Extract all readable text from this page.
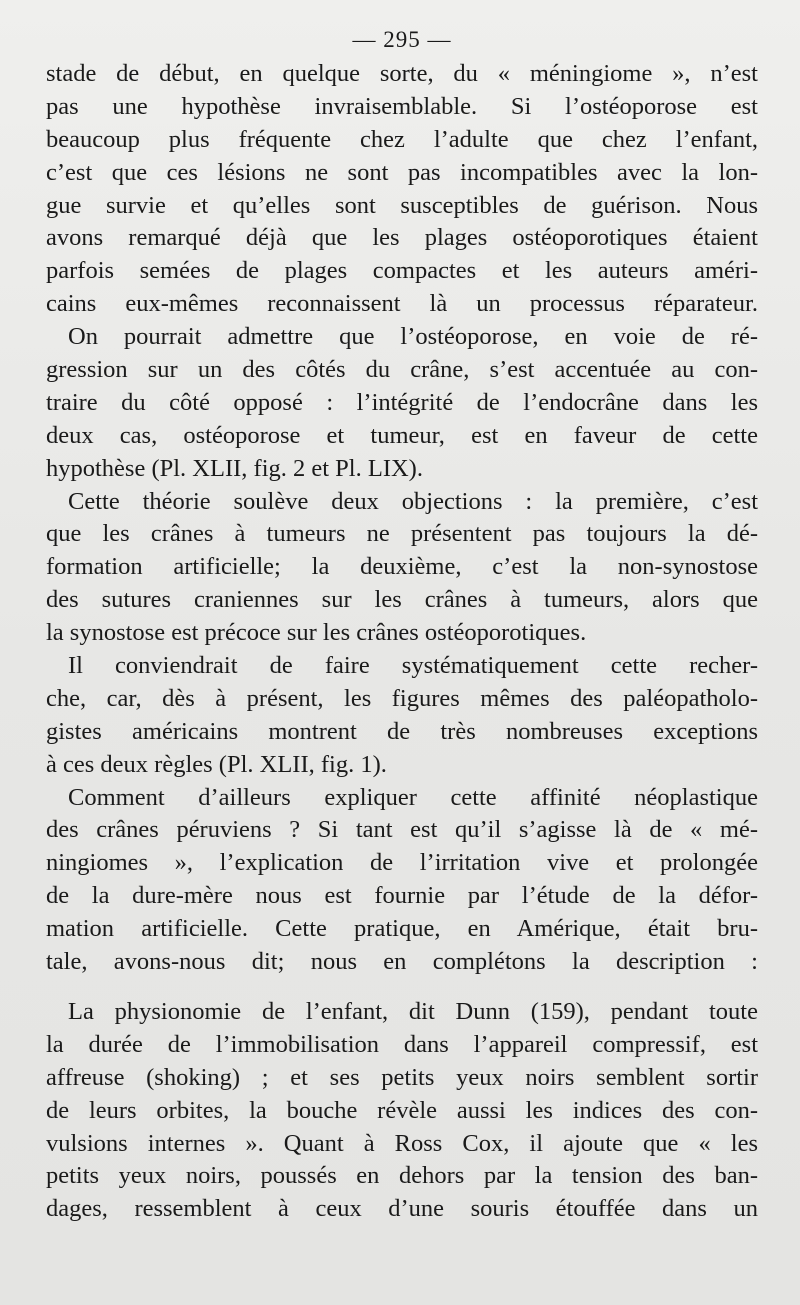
— 295 —

stade de début, en quelque sorte, du « méningiome », n’est
pas une hypothèse invraisemblable. Si l’ostéoporose est
beaucoup plus fréquente chez l’adulte que chez l’enfant,
c’est que ces lésions ne sont pas incompatibles avec la lon-
gue survie et qu’elles sont susceptibles de guérison. Nous
avons remarqué déjà que les plages ostéoporotiques étaient
parfois semées de plages compactes et les auteurs améri-
cains eux-mêmes reconnaissent là un processus réparateur.

On pourrait admettre que l’ostéoporose, en voie de ré-
gression sur un des côtés du crâne, s’est accentuée au con-
traire du côté opposé : l’intégrité de l’endocrâne dans les
deux cas, ostéoporose et tumeur, est en faveur de cette
hypothèse (Pl. XLII, fig. 2 et Pl. LIX).

Cette théorie soulève deux objections : la première, c’est
que les crânes à tumeurs ne présentent pas toujours la dé-
formation artificielle; la deuxième, c’est la non-synostose
des sutures craniennes sur les crânes à tumeurs, alors que
la synostose est précoce sur les crânes ostéoporotiques.

Il conviendrait de faire systématiquement cette recher-
che, car, dès à présent, les figures mêmes des paléopatholo-
gistes américains montrent de très nombreuses exceptions
à ces deux règles (Pl. XLII, fig. 1).

Comment d’ailleurs expliquer cette affinité néoplastique
des crânes péruviens ? Si tant est qu’il s’agisse là de « mé-
ningiomes », l’explication de l’irritation vive et prolongée
de la dure-mère nous est fournie par l’étude de la défor-
mation artificielle. Cette pratique, en Amérique, était bru-
tale, avons-nous dit; nous en complétons la description :

La physionomie de l’enfant, dit Dunn (159), pendant toute
la durée de l’immobilisation dans l’appareil compressif, est
affreuse (shoking) ; et ses petits yeux noirs semblent sortir
de leurs orbites, la bouche révèle aussi les indices des con-
vulsions internes ». Quant à Ross Cox, il ajoute que « les
petits yeux noirs, poussés en dehors par la tension des ban-
dages, ressemblent à ceux d’une souris étouffée dans un
